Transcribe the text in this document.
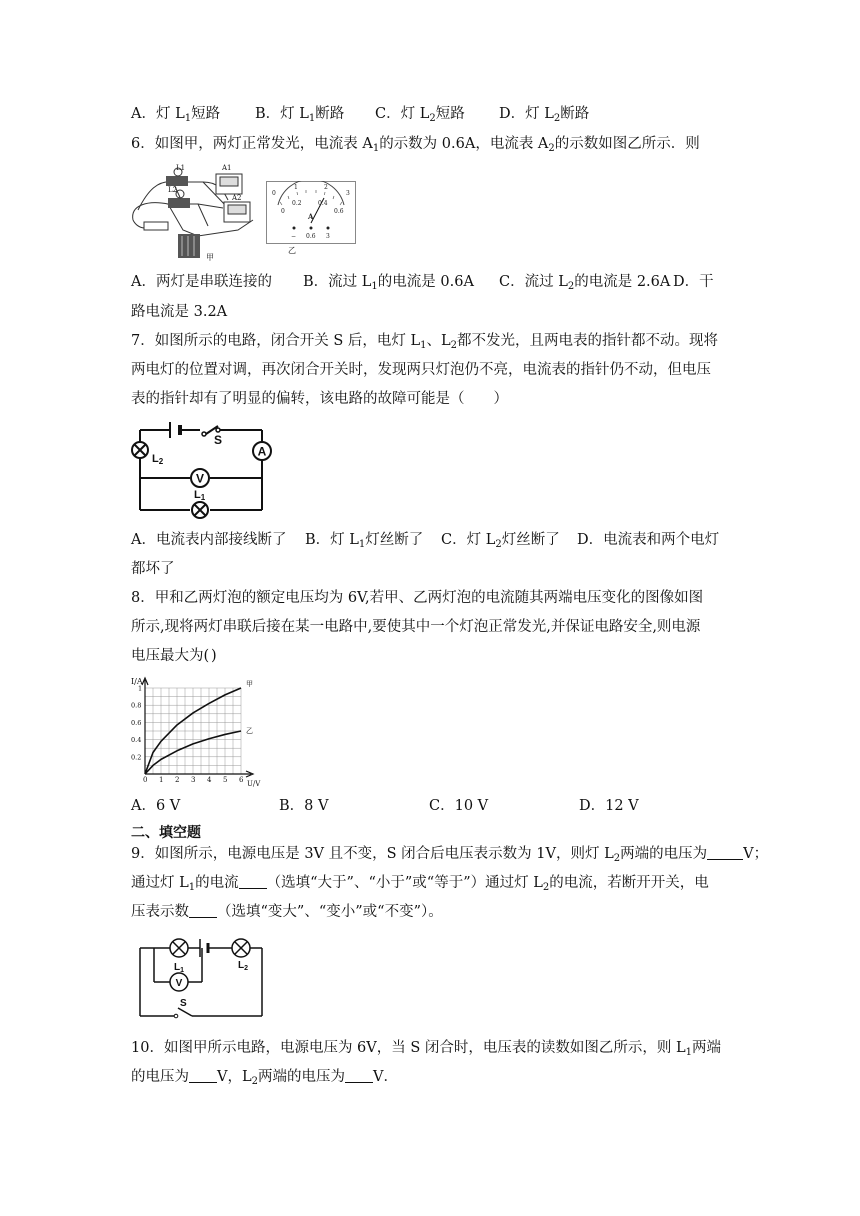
A．灯 $L_1$短路 B．灯 $L_1$断路 C．灯 $L_2$短路 D．灯 $L_2$断路
6．如图甲，两灯正常发光，电流表 $A_1$的示数为 0.6A，电流表 $A_2$的示数如图乙所示．则
L1
L2
A1
A2
甲
0
1	2
3
0
0.2	0.4
0.6
A
− 0.6 3
乙
A．两灯是串联连接的 B．流过 $L_1$的电流是 0.6A C．流过 $L_2$的电流是 2.6A D．干
路电流是 3.2A
7．如图所示的电路，闭合开关 S 后，电灯 $L_1$、$L_2$都不发光，且两电表的指针都不动。现将
两电灯的位置对调，再次闭合开关时，发现两只灯泡仍不亮，电流表的指针仍不动，但电压
表的指针却有了明显的偏转，该电路的故障可能是（　　）
A
V
S
L2
L1
A．电流表内部接线断了 B．灯 $L_1$灯丝断了 C．灯 $L_2$灯丝断了 D．电流表和两个电灯
都坏了
8．甲和乙两灯泡的额定电压均为 6V,若甲、乙两灯泡的电流随其两端电压变化的图像如图
所示,现将两灯串联后接在某一电路中,要使其中一个灯泡正常发光,并保证电路安全,则电源
电压最大为( )
0 1 2 3 4 5 6
0.2
0.4
0.6
0.8
1
甲
乙
I/A
U/V
A．6 V	B．8 V	C．10 V	D．12 V
二、填空题
9．如图所示，电源电压是 3V 且不变，S 闭合后电压表示数为 1V，则灯 $L_2$两端的电压为 V；
通过灯 $L_1$的电流 （选填“大于”、“小于”或“等于”）通过灯 $L_2$的电流，若断开开关，电
压表示数 （选填“变大”、“变小”或“不变”）。
V
$L_1$	$L_2$
S
10．如图甲所示电路，电源电压为 6V，当 S 闭合时，电压表的读数如图乙所示，则 $L_1$两端
的电压为 V，$L_2$两端的电压为 V．
